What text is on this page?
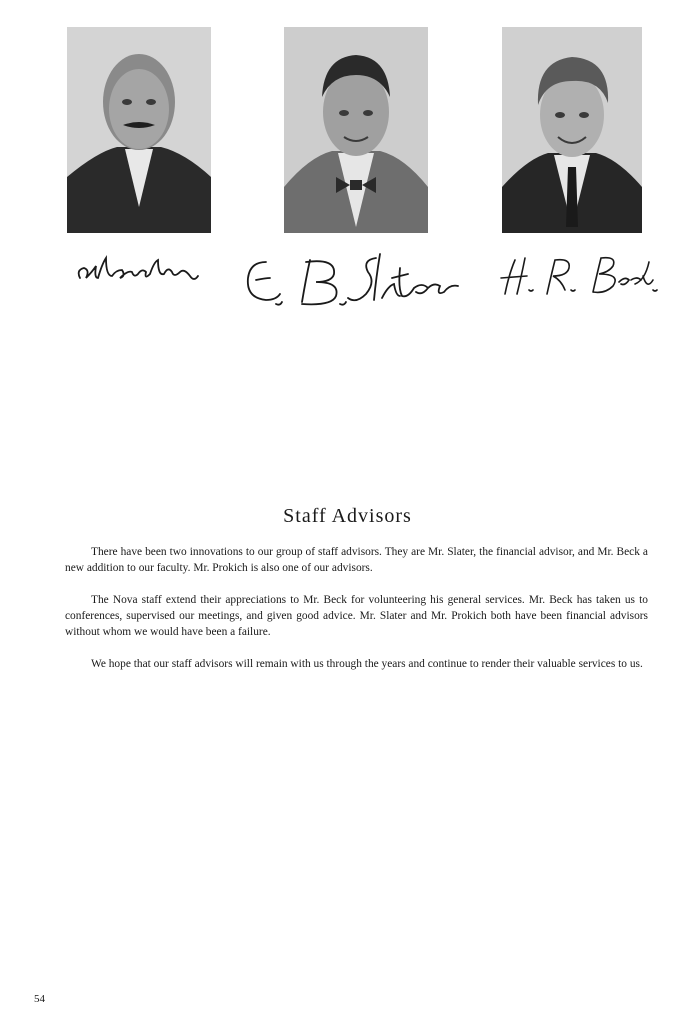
Staff Advisors

There have been two innovations to our group of staff advisors. They are Mr. Slater, the financial advisor, and Mr. Beck a new addition to our faculty. Mr. Prokich is also one of our advisors.

The Nova staff extend their appreciations to Mr. Beck for volunteering his general services. Mr. Beck has taken us to conferences, supervised our meetings, and given good advice. Mr. Slater and Mr. Prokich both have been financial advisors without whom we would have been a failure.

We hope that our staff advisors will remain with us through the years and continue to render their valuable services to us.

54
